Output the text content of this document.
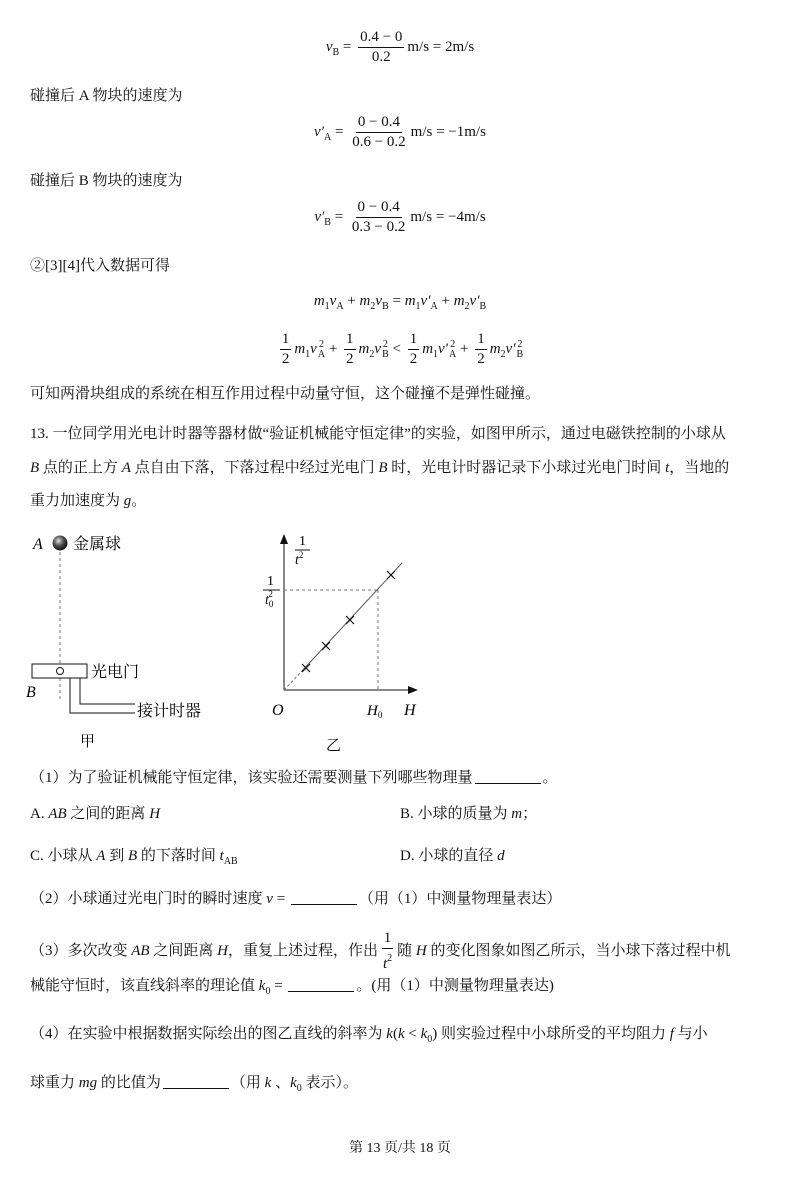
$v_B = \frac{0.4 - 0}{0.2} m/s = 2m/s$
碰撞后 A 物块的速度为
$v'_A = \frac{0 - 0.4}{0.6 - 0.2} m/s = -1m/s$
碰撞后 B 物块的速度为
$v'_B = \frac{0 - 0.4}{0.3 - 0.2} m/s = -4m/s$
②[3][4]代入数据可得
$m_1v_A + m_2v_B = m_1v'_A + m_2v'_B$
$\frac{1}{2} m_1v$ 2
$A + \frac{1}{2} m_2v$ 2
$B < \frac{1}{2} m_1v'$ 2
$A + \frac{1}{2} m_2v'$ 2
B
可知两滑块组成的系统在相互作用过程中动量守恒，这个碰撞不是弹性碰撞。
13. 一位同学用光电计时器等器材做“验证机械能守恒定律”的实验，如图甲所示，通过电磁铁控制的小球从
B 点的正上方 A 点自由下落，下落过程中经过光电门 B 时，光电计时器记录下小球过光电门时间 t，当地的
重力加速度为 g。
A 金属球
光电门
B
接计时器
甲
1
$t^2$
1
$t_02$
O	$H_0$ H
乙
（1）为了验证机械能守恒定律，该实验还需要测量下列哪些物理量	。
A. AB 之间的距离 H	B. 小球的质量为 m；
C. 小球从 A 到 B 的下落时间 $t_{AB}$	D. 小球的直径 d
（2）小球通过光电门时的瞬时速度 v =	（用（1）中测量物理量表达）
（3）多次改变 AB 之间距离 H，重复上述过程，作出 $\frac{1}{t^2}$ 随 H 的变化图象如图乙所示，当小球下落过程中机
械能守恒时，该直线斜率的理论值 $k_0$ =	。(用（1）中测量物理量表达)
（4）在实验中根据数据实际绘出的图乙直线的斜率为 $k(k < k_0)$ 则实验过程中小球所受的平均阻力 f 与小
球重力 mg 的比值为	（用 k 、$k_0$ 表示）。
第 13 页/共 18 页
